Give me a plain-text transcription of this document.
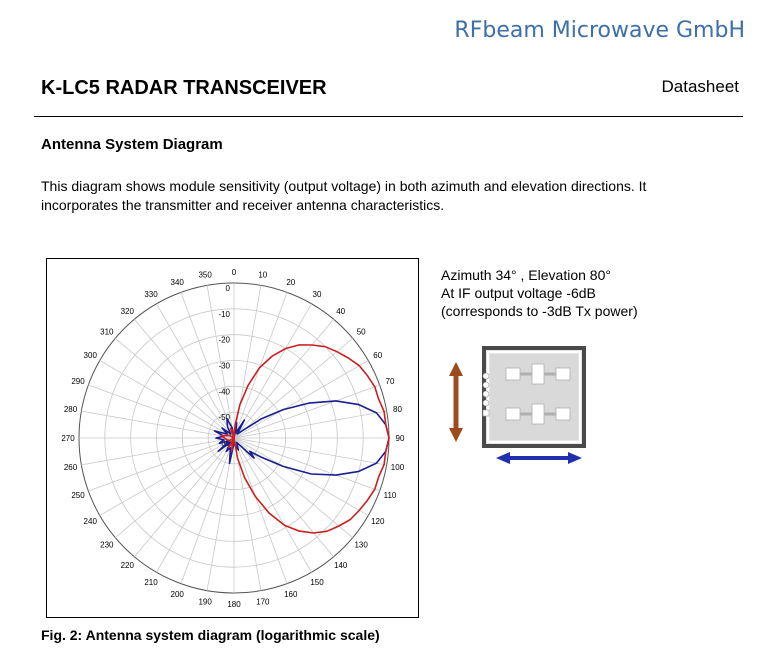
RFbeam Microwave GmbH
K-LC5 RADAR TRANSCEIVER	Datasheet
Antenna System Diagram
This diagram shows module sensitivity (output voltage) in both azimuth and elevation directions. It incorporates the transmitter and receiver antenna characteristics.
0	10
20
30
40
50
60
70
80
90
100
110
120
130
140
150
160
170
180
190
200
210
220
230
240
250
260
270
280
290
300
310
320
330
340
350
0
-10
-20
-30
-40
-50
-60
Azimuth 34° , Elevation 80°
At IF output voltage -6dB
(corresponds to -3dB Tx power)
Fig. 2: Antenna system diagram (logarithmic scale)
